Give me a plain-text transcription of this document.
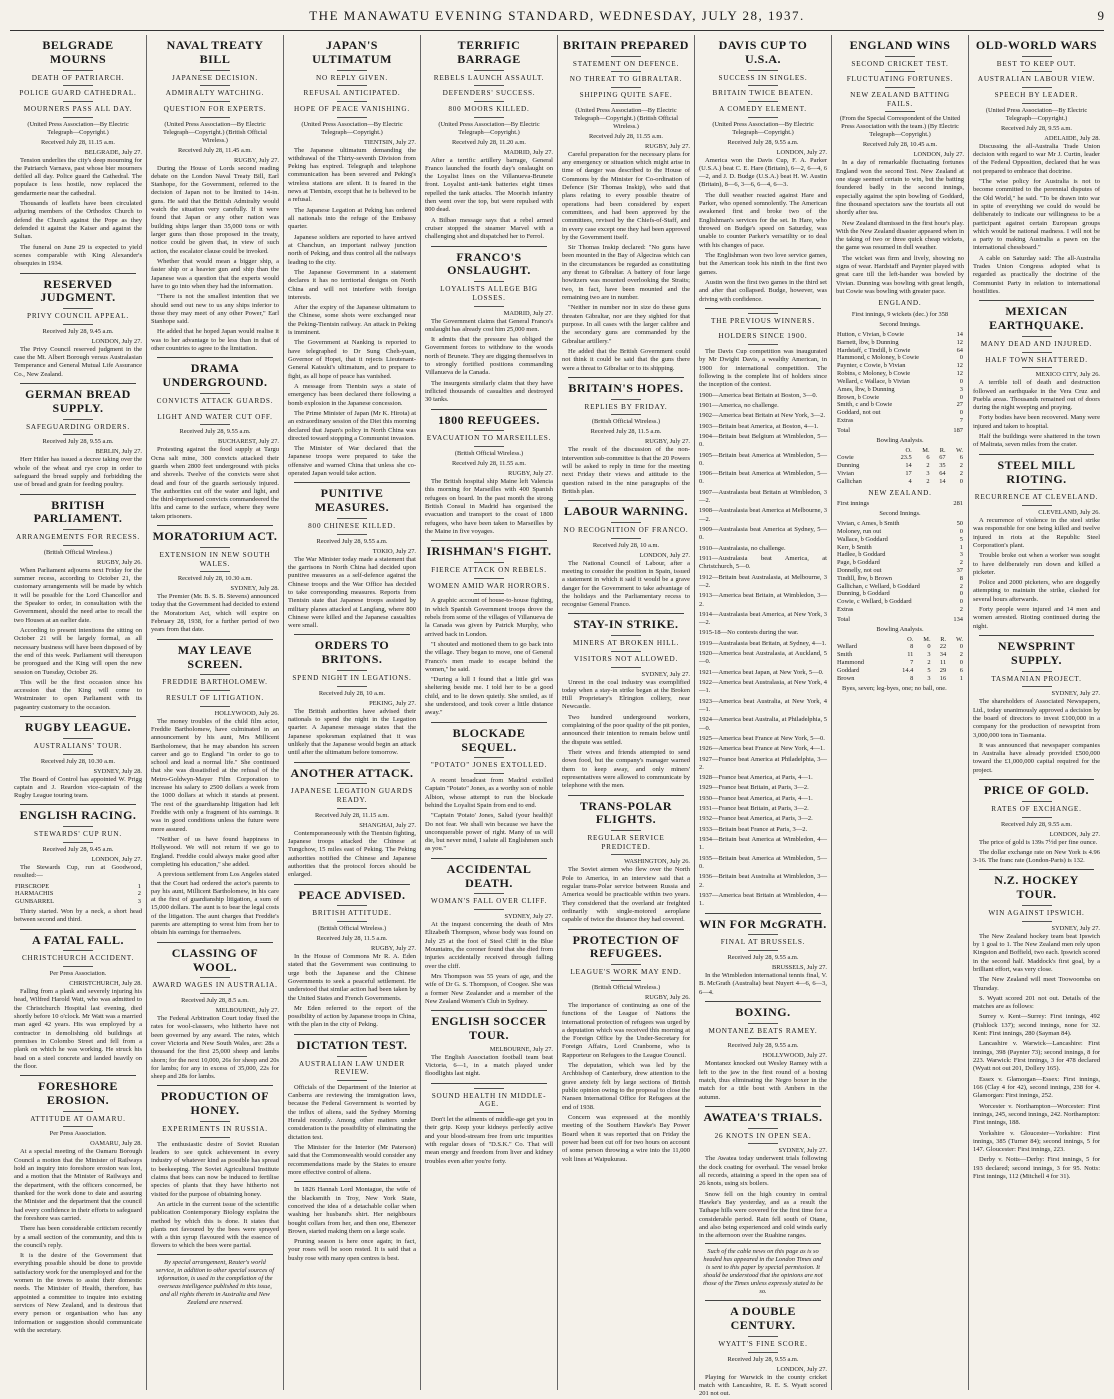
THE MANAWATU EVENING STANDARD, WEDNESDAY, JULY 28, 1937.	9
BELGRADE MOURNS
DEATH OF PATRIARCH.
POLICE GUARD CATHEDRAL.
MOURNERS PASS ALL DAY.
(United Press Association—By Electric Telegraph—Copyright.)
Received July 28, 11.15 a.m.
BELGRADE, July 27.

Tension underlies the city's deep mourning for the Patriarch Varnava, past whose bier mourners defiled all day. Police guard the Cathedral. The populace is less hostile, now replaced the gendarmerie near the cathedral.

Thousands of leaflets have been circulated adjuring members of the Orthodox Church to defend the Church against the Pope as they defended it against the Kaiser and against the Sultan.

The funeral on June 29 is expected to yield scenes comparable with King Alexander's obsequies in 1934.

RESERVED JUDGMENT.
PRIVY COUNCIL APPEAL.
Received July 28, 9.45 a.m.
LONDON, July 27.

The Privy Council reserved judgment in the case the Mt. Albert Borough versus Australasian Temperance and General Mutual Life Assurance Co., New Zealand.

GERMAN BREAD SUPPLY.
SAFEGUARDING ORDERS.
Received July 28, 9.55 a.m.
BERLIN, July 27.

Herr Hitler has issued a decree taking over the whole of the wheat and rye crop in order to safeguard the bread supply and forbidding the use of bread and grain for feeding poultry.

BRITISH PARLIAMENT.
ARRANGEMENTS FOR RECESS.
(British Official Wireless.)
RUGBY, July 26.

When Parliament adjourns next Friday for the summer recess, according to October 21, the customary arrangements will be made by which it will be possible for the Lord Chancellor and the Speaker to order, in consultation with the Government, should the need arise to recall the two Houses at an earlier date.

According to present intentions the sitting on October 21 will be largely formal, as all necessary business will have been disposed of by the end of this week. Parliament will thereupon be prorogued and the King will open the new session on Tuesday, October 26.

This will be the first occasion since his accession that the King will come to Westminster to open Parliament with its pageantry customary to the occasion.

RUGBY LEAGUE.
AUSTRALIANS' TOUR.
Received July 28, 10.30 a.m.
SYDNEY, July 28.

The Board of Control has appointed W. Prigg captain and J. Reardon vice-captain of the Rugby League touring team.

ENGLISH RACING.
STEWARDS' CUP RUN.
Received July 28, 9.45 a.m.
LONDON, July 27.

The Stewards Cup, run at Goodwood, resulted:—

FIRSCROPE	1
HARMACHIS	2
GUNBARREL	3

Thirty started. Won by a neck, a short head between second and third.

A FATAL FALL.
CHRISTCHURCH ACCIDENT.
Per Press Association.
CHRISTCHURCH, July 28.

Falling from a plank and severely injuring his head, Wilfred Harold Watt, who was admitted to the Christchurch Hospital last evening, died shortly before 10 o'clock. Mr Watt was a married man aged 42 years. His was employed by a contractor in demolishing old buildings at premises in Colombo Street and fell from a plank on which he was working. He struck his head on a steel concrete and landed heavily on the floor.

FORESHORE EROSION.
ATTITUDE AT OAMARU.
Per Press Association.
OAMARU, July 28.

At a special meeting of the Oamaru Borough Council a motion that the Minister of Railways hold an inquiry into foreshore erosion was lost, and a motion that the Minister of Railways and the department, with the officers concerned, be thanked for the work done to date and assuring the Minister and the department that the council had every confidence in their efforts to safeguard the foreshore was carried.

There has been considerable criticism recently by a small section of the community, and this is the council's reply.

It is the desire of the Government that everything possible should be done to provide satisfactory work for the unemployed and for the women in the towns to assist their domestic needs. The Minister of Health, therefore, has appointed a committee to inquire into existing services of New Zealand, and is desirous that every person or organisation who has any information or suggestion should communicate with the secretary.

NAVAL TREATY BILL
JAPANESE DECISION.
ADMIRALTY WATCHING.
QUESTION FOR EXPERTS.
(United Press Association—By Electric Telegraph—Copyright.) (British Official Wireless.)
Received July 28, 11.45 a.m.
RUGBY, July 27.

During the House of Lords second reading debate on the London Naval Treaty Bill, Earl Stanhope, for the Government, referred to the decision of Japan not to be limited to 14-in. guns. He said that the British Admiralty would watch the situation very carefully. If it were found that Japan or any other nation was building ships larger than 35,000 tons or with larger guns than those proposed in the treaty, notice could be given that, in view of such action, the escalator clause could be invoked.

Whether that would mean a bigger ship, a faster ship or a heavier gun and ship than the Japanese was a question that the experts would have to go into when they had the information.

"There is not the smallest intention that we should send out new to us any ships inferior to those they may meet of any other Power," Earl Stanhope said.

He added that he hoped Japan would realise it was to her advantage to be less than in that of other countries to agree to the limitation.

DRAMA UNDERGROUND.
CONVICTS ATTACK GUARDS.
LIGHT AND WATER CUT OFF.
Received July 28, 9.55 a.m.
BUCHAREST, July 27.

Protesting against the food supply at Targu Ocna salt mine, 300 convicts attacked their guards when 2800 feet underground with picks and shovels. Twelve of the convicts were shot dead and four of the guards seriously injured. The authorities cut off the water and light, and the third-imprisoned convicts commandeered the lifts and came to the surface, where they were taken prisoners.

MORATORIUM ACT.
EXTENSION IN NEW SOUTH WALES.
Received July 28, 10.30 a.m.
SYDNEY, July 28.

The Premier (Mr. B. S. B. Stevens) announced today that the Government had decided to extend the Moratorium Act, which will expire on February 28, 1938, for a further period of two years from that date.

MAY LEAVE SCREEN.
FREDDIE BARTHOLOMEW.
RESULT OF LITIGATION.
HOLLYWOOD, July 26.

The money troubles of the child film actor, Freddie Bartholomew, have culminated in an announcement by his aunt, Mrs Millicent Bartholomew, that he may abandon his screen career and go to England "in order to go to school and lead a normal life." She continued that she was dissatisfied at the refusal of the Metro-Goldwyn-Mayer Film Corporation to increase his salary to 2500 dollars a week from the 1000 dollars at which it stands at present. The rest of the guardianship litigation had left Freddie with only a fragment of his earnings. It was in good conditions unless the future were more assured.

"Neither of us have found happiness in Hollywood. We will not return if we go to England. Freddie could always make good after completing his education," she added.

A previous settlement from Los Angeles stated that the Court had ordered the actor's parents to pay his aunt, Millicent Bartholomew, in his care at the first of guardianship litigation, a sum of 15,000 dollars. The aunt is to bear the legal costs of the litigation. The aunt charges that Freddie's parents are attempting to wrest him from her to obtain his earnings for themselves.

CLASSING OF WOOL.
AWARD WAGES IN AUSTRALIA.
Received July 28, 8.5 a.m.
MELBOURNE, July 27.

The Federal Arbitration Court today fixed the rates for wool-classers, who hitherto have not been governed by any award. The rates, which cover Victoria and New South Wales, are: 28s a thousand for the first 25,000 sheep and lambs shorn; for the next 10,000, 26s for sheep and 20s for lambs; for any in excess of 35,000, 22s for sheep and 28s for lambs.

PRODUCTION OF HONEY.
EXPERIMENTS IN RUSSIA.

The enthusiastic desire of Soviet Russian leaders to see quick achievement in every industry of whatever kind as possible has spread to beekeeping. The Soviet Agricultural Institute claims that bees can now be induced to fertilise species of plants that they have hitherto not visited for the purpose of obtaining honey.

An article in the current issue of the scientific publication Contemporary Biology explains the method by which this is done. It states that plants not favoured by the bees were sprayed with a thin syrup flavoured with the essence of flowers to which the bees were partial.

By special arrangement, Reuter's world service, in addition to other special sources of information, is used in the compilation of the overseas intelligence published in this issue, and all rights therein in Australia and New Zealand are reserved.
JAPAN'S ULTIMATUM
NO REPLY GIVEN.
REFUSAL ANTICIPATED.
HOPE OF PEACE VANISHING.
(United Press Association—By Electric Telegraph—Copyright.)
TIENTSIN, July 27.

The Japanese ultimatum demanding the withdrawal of the Thirty-seventh Division from Peking has expired. Telegraph and telephone communication has been severed and Peking's wireless stations are silent. It is feared in the news at Tientsin, except that he is believed to be a refusal.

The Japanese Legation at Peking has ordered all nationals into the refuge of the Embassy quarter.

Japanese soldiers are reported to have arrived at Chanchun, an important railway junction north of Peking, and thus control all the railways leading to the city.

The Japanese Government in a statement declares it has no territorial designs on North China and will not interfere with foreign interests.

After the expiry of the Japanese ultimatum to the Chinese, some shots were exchanged near the Peking-Tientsin railway. An attack in Peking is imminent.

The Government at Nanking is reported to have telegraphed to Dr Sung Cheh-yuan, Governor of Hopei, that it rejects Lieutenant-General Katsuki's ultimatum, and to prepare to fight, as all hope of peace has vanished.

A message from Tientsin says a state of emergency has been declared there following a bomb explosion in the Japanese concession.

The Prime Minister of Japan (Mr K. Hirota) at an extraordinary session of the Diet this morning declared that Japan's policy in North China was directed toward stopping a Communist invasion.

The Minister of War declared that the Japanese troops were prepared to take the offensive and warned China that unless she co-operated Japan would take action.

PUNITIVE MEASURES.
800 CHINESE KILLED.
Received July 28, 9.55 a.m.
TOKIO, July 27.

The War Minister today made a statement that the garrisons in North China had decided upon punitive measures as a self-defence against the Chinese troops and the War Office has decided to take corresponding measures. Reports from Tientsin state that Japanese troops assisted by military planes attacked at Langfang, where 800 Chinese were killed and the Japanese casualties were small.

ORDERS TO BRITONS.
SPEND NIGHT IN LEGATIONS.
Received July 28, 10 a.m.
PEKING, July 27.

The British authorities have advised their nationals to spend the night in the Legation quarter. A Japanese message states that the Japanese spokesman explained that it was unlikely that the Japanese would begin an attack until after the ultimatum before tomorrow.

ANOTHER ATTACK.
JAPANESE LEGATION GUARDS READY.
Received July 28, 11.15 a.m.
SHANGHAI, July 27.

Contemporaneously with the Tientsin fighting, Japanese troops attacked the Chinese at Tungchow, 15 miles east of Peking. The Peking authorities notified the Chinese and Japanese authorities that the protocol forces should be enlarged.

PEACE ADVISED.
BRITISH ATTITUDE.
(British Official Wireless.)
Received July 28, 11.5 a.m.
RUGBY, July 27.

In the House of Commons Mr R. A. Eden stated that the Government was continuing to urge both the Japanese and the Chinese Governments to seek a peaceful settlement. He understood that similar action had been taken by the United States and French Governments.

Mr Eden referred to the report of the possibility of action by Japanese troops in China, with the plan in the city of Peking.

DICTATION TEST.
AUSTRALIAN LAW UNDER REVIEW.

Officials of the Department of the Interior at Canberra are reviewing the immigration laws, because the Federal Government is worried by the influx of aliens, said the Sydney Morning Herald recently. Among other matters under consideration is the possibility of eliminating the dictation test.

The Minister for the Interior (Mr Paterson) said that the Commonwealth would consider any recommendations made by the States to ensure more effective control of aliens.

In 1826 Hannah Lord Montague, the wife of the blacksmith in Troy, New York State, conceived the idea of a detachable collar when washing her husband's shirt. Her neighbours bought collars from her, and then one, Ebenezer Brown, started making them on a large scale.

Pruning season is here once again; in fact, your roses will be soon rested. It is said that a bushy rose with many open centres is best.

TERRIFIC BARRAGE
REBELS LAUNCH ASSAULT.
DEFENDERS' SUCCESS.
800 MOORS KILLED.
(United Press Association—By Electric Telegraph—Copyright.)
Received July 28, 11.20 a.m.
MADRID, July 27.

After a terrific artillery barrage, General Franco launched the fourth day's onslaught on the Loyalist lines on the Villanueva-Brunete front. Loyalist anti-tank batteries eight times repelled the tank attacks. The Moorish infantry then went over the top, but were repulsed with 800 dead.

A Bilbao message says that a rebel armed cruiser stopped the steamer Marvel with a challenging shot and dispatched her to Ferrol.

FRANCO'S ONSLAUGHT.
LOYALISTS ALLEGE BIG LOSSES.
MADRID, July 27.

The Government claims that General Franco's onslaught has already cost him 25,000 men.

It admits that the pressure has obliged the Government forces to withdraw to the woods north of Brunete. They are digging themselves in to strongly fortified positions commanding Villanueva de la Canada.

The insurgents similarly claim that they have inflicted thousands of casualties and destroyed 30 tanks.

1800 REFUGEES.
EVACUATION TO MARSEILLES.
(British Official Wireless.)
Received July 28, 11.55 a.m.
RUGBY, July 27.

The British hospital ship Maine left Valencia this morning for Marseilles with 400 Spanish refugees on board. In the past month the strong British Consul in Madrid has organised the evacuation and transport to the coast of 1800 refugees, who have been taken to Marseilles by the Maine in five voyages.

IRISHMAN'S FIGHT.
FIERCE ATTACK ON REBELS.
WOMEN AMID WAR HORRORS.

A graphic account of house-to-house fighting, in which Spanish Government troops drove the rebels from some of the villages of Villanueva de la Canada was given by Patrick Murphy, who arrived back in London.

"I shouted and motioned them to go back into the village. They began to move, one of General Franco's men made to escape behind the women," he said.

"During a lull I found that a little girl was sheltering beside me. I told her to be a good child, and to lie down quietly. She smiled, as if she understood, and took cover a little distance away."

BLOCKADE SEQUEL.
"POTATO" JONES EXTOLLED.

A recent broadcast from Madrid extolled Captain "Potato" Jones, as a worthy son of noble Albion, whose attempt to run the blockade behind the Loyalist Spain from end to end.

"Captain 'Potato' Jones, Salud (your health)! Do not fear. We shall win because we have the unconquerable power of right. Many of us will die, but never mind, I salute all Englishmen such as you."

ACCIDENTAL DEATH.
WOMAN'S FALL OVER CLIFF.
SYDNEY, July 27.

At the inquest concerning the death of Mrs Elizabeth Thompson, whose body was found on July 25 at the foot of Steel Cliff in the Blue Mountains, the coroner found that she died from injuries accidentally received through falling over the cliff.

Mrs Thompson was 55 years of age, and the wife of Dr G. S. Thompson, of Coogee. She was a former New Zealander and a member of the New Zealand Women's Club in Sydney.

ENGLISH SOCCER TOUR.
MELBOURNE, July 27.

The English Association football team beat Victoria, 6—1, in a match played under floodlights last night.

SOUND HEALTH IN MIDDLE-AGE.

Don't let the ailments of middle-age get you in their grip. Keep your kidneys perfectly active and your blood-stream free from uric impurities with regular doses of "D.S.K." Co. That will mean energy and freedom from liver and kidney troubles even after you're forty.

BRITAIN PREPARED
STATEMENT ON DEFENCE.
NO THREAT TO GIBRALTAR.
SHIPPING QUITE SAFE.
(United Press Association—By Electric Telegraph—Copyright.) (British Official Wireless.)
Received July 28, 11.55 a.m.
RUGBY, July 27.

Careful preparation for the necessary plans for any emergency or situation which might arise in time of danger was described to the House of Commons by the Minister for Co-ordination of Defence (Sir Thomas Inskip), who said that plans relating to every possible theatre of operations had been considered by expert committees, and had been approved by the committees, revised by the Chiefs-of-Staff, and in every case except one they had been approved by the Government itself.

Sir Thomas Inskip declared: "No guns have been mounted in the Bay of Algeciras which can in the circumstances be regarded as constituting any threat to Gibraltar. A battery of four large howitzers was mounted overlooking the Straits; two, in fact, have been mounted and the remaining two are in number.

"Neither in number nor in size do these guns threaten Gibraltar, nor are they sighted for that purpose. In all cases with the larger calibre and the secondary guns are commanded by the Gibraltar artillery."

He added that the British Government could not think it could be said that the guns there were a threat to Gibraltar or to its shipping.

BRITAIN'S HOPES.
REPLIES BY FRIDAY.
(British Official Wireless.)
Received July 28, 11.5 a.m.
RUGBY, July 27.

The result of the discussion of the non-intervention sub-committee is that the 20 Powers will be asked to reply in time for the meeting next Friday their views and attitude to the question raised in the nine paragraphs of the British plan.

LABOUR WARNING.
NO RECOGNITION OF FRANCO.
Received July 28, 10 a.m.
LONDON, July 27.

The National Council of Labour, after a meeting to consider the position in Spain, issued a statement in which it said it would be a grave danger for the Government to take advantage of the holidays and the Parliamentary recess to recognise General Franco.

STAY-IN STRIKE.
MINERS AT BROKEN HILL.
VISITORS NOT ALLOWED.
SYDNEY, July 27.

Unrest in the coal industry was exemplified today when a stay-in strike began at the Broken Hill Proprietary's Elrington colliery, near Newcastle.

Two hundred underground workers, complaining of the poor quality of the pit ponies, announced their intention to remain below until the dispute was settled.

Their wives and friends attempted to send down food, but the company's manager warned them to keep away, and only miners' representatives were allowed to communicate by telephone with the men.

TRANS-POLAR FLIGHTS.
REGULAR SERVICE PREDICTED.
WASHINGTON, July 26.

The Soviet airmen who flew over the North Pole to America, in an interview said that a regular trans-Polar service between Russia and America would be practicable within two years. They considered that the overland air freighted ordinarily with single-motored aeroplane capable of twice the distance they had covered.

PROTECTION OF REFUGEES.
LEAGUE'S WORK MAY END.
(British Official Wireless.)
RUGBY, July 26.

The importance of continuing as one of the functions of the League of Nations the international protection of refugees was urged by a deputation which was received this morning at the Foreign Office by the Under-Secretary for Foreign Affairs, Lord Cranborne, who is Rapporteur on Refugees to the League Council.

The deputation, which was led by the Archbishop of Canterbury, drew attention to the grave anxiety felt by large sections of British public opinion owing to the proposal to close the Nansen International Office for Refugees at the end of 1938.

Concern was expressed at the monthly meeting of the Southern Hawke's Bay Power Board when it was reported that on Friday the power had been cut off for two hours on account of some person throwing a wire into the 11,000 volt lines at Waipukurau.

DAVIS CUP TO U.S.A.
SUCCESS IN SINGLES.
BRITAIN TWICE BEATEN.
A COMEDY ELEMENT.
(United Press Association—By Electric Telegraph—Copyright.)
Received July 28, 9.55 a.m.
LONDON, July 27.

America won the Davis Cup, F. A. Parker (U.S.A.) beat C. E. Hare (Britain), 6—2, 6—4, 6—2, and J. D. Budge (U.S.A.) beat H. W. Austin (Britain), 8—6, 3—6, 6—4, 6—3.

The dull weather reacted against Hare and Parker, who opened somnolently. The American awakened first and broke two of the Englishman's services for the set. In Hare, who throwed on Budge's speed on Saturday, was unable to counter Parker's versatility or to deal with his changes of pace.

The Englishman won two love service games, but the American took his ninth in the first two games.

Austin won the first two games in the third set and after that collapsed. Budge, however, was driving with confidence.

THE PREVIOUS WINNERS.
HOLDERS SINCE 1900.

The Davis Cup competition was inaugurated by Mr Dwight Davis, a wealthy American, in 1900 for international competition. The following is the complete list of holders since the inception of the contest.

1900—America beat Britain at Boston, 3—0.

1901—America, no challenge.

1902—America beat Britain at New York, 3—2.

1903—Britain beat America, at Boston, 4—1.

1904—Britain beat Belgium at Wimbledon, 5—0.

1905—Britain beat America at Wimbledon, 5—0.

1906—Britain beat America at Wimbledon, 5—0.

1907—Australasia beat Britain at Wimbledon, 3—2.

1908—Australasia beat America at Melbourne, 3—2.

1909—Australasia beat America at Sydney, 5—0.

1910—Australasia, no challenge.

1911—Australasia beat America, at Christchurch, 5—0.

1912—Britain beat Australasia, at Melbourne, 3—2.

1913—America beat Britain, at Wimbledon, 3—2.

1914—Australasia beat America, at New York, 3—2.

1915-18—No contests during the war.

1919—Australasia beat Britain, at Sydney, 4—1.

1920—America beat Australasia, at Auckland, 5—0.

1921—America beat Japan, at New York, 5—0.

1922—America beat Australasia, at New York, 4—1.

1923—America beat Australia, at New York, 4—1.

1924—America beat Australia, at Philadelphia, 5—0.

1925—America beat France at New York, 5—0.

1926—America beat France at New York, 4—1.

1927—France beat America at Philadelphia, 3—2.

1928—France beat America, at Paris, 4—1.

1929—France beat Britain, at Paris, 3—2.

1930—France beat America, at Paris, 4—1.

1931—France beat Britain, at Paris, 3—2.

1932—France beat America, at Paris, 3—2.

1933—Britain beat France at Paris, 3—2.

1934—Britain beat America at Wimbledon, 4—1.

1935—Britain beat America at Wimbledon, 5—0.

1936—Britain beat Australia at Wimbledon, 3—2.

1937—America beat Britain at Wimbledon, 4—1.

WIN FOR McGRATH.
FINAL AT BRUSSELS.
Received July 28, 9.55 a.m.
BRUSSELS, July 27.

In the Wimbledon international tennis final, V. B. McGrath (Australia) beat Nuyert 4—6, 6—3, 6—4.

BOXING.
MONTANEZ BEATS RAMEY.
Received July 28, 9.55 a.m.
HOLLYWOOD, July 27.

Montanez knocked out Wesley Ramey with a left to the jaw in the first round of a boxing match, thus eliminating the Negro boxer in the match for a title bout with Ambers in the autumn.

AWATEA'S TRIALS.
26 KNOTS IN OPEN SEA.
SYDNEY, July 27.

The Awatea today underwent trials following the dock coating for overhaul. The vessel broke all records, attaining a speed in the open sea of 26 knots, using six boilers.

Snow fell on the high country in central Hawke's Bay yesterday, and as a result the Taihape hills were covered for the first time for a considerable period. Rain fell south of Otane, and also being experienced and cold winds early in the afternoon over the Ruahine ranges.

Such of the cable news on this page as is so headed has appeared in the London Times and is sent to this paper by special permission. It should be understood that the opinions are not those of the Times unless expressly stated to be so.
A DOUBLE CENTURY.
WYATT'S FINE SCORE.
Received July 28, 9.55 a.m.
LONDON, July 27.

Playing for Warwick in the county cricket match with Lancashire, R. E. S. Wyatt scored 201 not out.

ENGLAND WINS
SECOND CRICKET TEST.
FLUCTUATING FORTUNES.
NEW ZEALAND BATTING FAILS.
(From the Special Correspondent of the United Press Association with the team.) (By Electric Telegraph—Copyright.)
Received July 28, 10.45 a.m.
LONDON, July 27.

In a day of remarkable fluctuating fortunes England won the second Test. New Zealand at one stage seemed certain to win, but the batting foundered badly in the second innings, especially against the spin bowling of Goddard, fine thousand spectators saw the tourists all out shortly after tea.

New Zealand dismissed in the first hour's play. With the New Zealand disaster appeared when in the taking of two or three quick cheap wickets, the game was resumed in dull weather.

The wicket was firm and lively, showing no signs of wear. Hardstaff and Paynter played with great care till the left-hander was bowled by Vivian. Dunning was bowling with great length, but Cowie was bowling with greater pace.

ENGLAND.
First innings, 9 wickets (dec.) for 358
Second Innings.
Hutton, c Vivian, b Cowie	14
Barnett, lbw, b Dunning	12
Hardstaff, c Tindill, b Cowie	64
Hammond, c Moloney, b Cowie	0
Paynter, c Cowie, b Vivian	12
Robins, c Moloney, b Cowie	12
Wellard, c Wallace, b Vivian	0
Ames, lbw, b Dunning	3
Brown, b Cowie	0
Smith, c and b Cowie	27
Goddard, not out	0
Extras	7
Total	187
Bowling Analysis.
	O.	M.	R.	W.
Cowie	23.5	6	67	6
Dunning	14	2	35	2
Vivian	17	3	64	2
Gallichan	4	2	14	0
NEW ZEALAND.
First innings	281
Second Innings.
Vivian, c Ames, b Smith	50
Moloney, run out	0
Wallace, b Goddard	5
Kerr, b Smith	1
Hadlee, b Goddard	3
Page, b Goddard	2
Donnelly, not out	37
Tindill, lbw, b Brown	8
Gallichan, c Wellard, b Goddard	2
Dunning, b Goddard	0
Cowie, c Wellard, b Goddard	0
Extras	2
Total	134
Bowling Analysis.
	O.	M.	R.	W.
Wellard	8	0	22	0
Smith	11	3	34	2
Hammond	7	2	11	0
Goddard	14.4	5	29	6
Brown	8	3	16	1

Byes, seven; leg-byes, one; no ball, one.

OLD-WORLD WARS
BEST TO KEEP OUT.
AUSTRALIAN LABOUR VIEW.
SPEECH BY LEADER.
(United Press Association—By Electric Telegraph—Copyright.)
Received July 28, 9.55 a.m.
ADELAIDE, July 28.

Discussing the all-Australia Trade Union decision with regard to war Mr J. Curtin, leader of the Federal Opposition, declared that he was not prepared to embrace that doctrine.

"The wise policy for Australia is not to become committed to the perennial disputes of the Old World," he said. "To be drawn into war in spite of everything we could do would be deliberately to indicate our willingness to be a participant against certain European groups which would be national madness. I will not be a party to making Australia a pawn on the international chessboard."

A cable on Saturday said: The all-Australia Trades Union Congress adopted what is regarded as practically the doctrine of the Communist Party in relation to international hostilities.

MEXICAN EARTHQUAKE.
MANY DEAD AND INJURED.
HALF TOWN SHATTERED.
MEXICO CITY, July 26.

A terrible toll of death and destruction followed an earthquake in the Vera Cruz and Puebla areas. Thousands remained out of doors during the night weeping and praying.

Forty bodies have been recovered. Many were injured and taken to hospital.

Half the buildings were shattered in the town of Maltrata, seven miles from the crater.

STEEL MILL RIOTING.
RECURRENCE AT CLEVELAND.
CLEVELAND, July 26.

A recurrence of violence in the steel strike was responsible for one being killed and twelve injured in riots at the Republic Steel Corporation's plant.

Trouble broke out when a worker was sought to have deliberately run down and killed a picketer.

Police and 2000 picketers, who are doggedly attempting to maintain the strike, clashed for several hours afterwards.

Forty people were injured and 14 men and women arrested. Rioting continued during the night.

NEWSPRINT SUPPLY.
TASMANIAN PROJECT.
SYDNEY, July 27.

The shareholders of Associated Newspapers, Ltd., today unanimously approved a decision by the board of directors to invest £100,000 in a company for the production of newsprint from 3,000,000 tons in Tasmania.

It was announced that newspaper companies in Australia have already provided £500,000 toward the £1,000,000 capital required for the project.

PRICE OF GOLD.
RATES OF EXCHANGE.
Received July 28, 9.55 a.m.
LONDON, July 27.

The price of gold is 139s 7½d per fine ounce.

The dollar exchange rate on New York is 4.96 3-16. The franc rate (London-Paris) is 132.

N.Z. HOCKEY TOUR.
WIN AGAINST IPSWICH.
SYDNEY, July 27.

The New Zealand hockey team beat Ipswich by 1 goal to 1. The New Zealand men rely upon Kingston and Boffield, two each. Ipswich scored in the second half. Maddock's first goal, by a brilliant effort, was very close.

The New Zealand will meet Toowoomba on Thursday.

S. Wyatt scored 201 not out. Details of the matches are as follows:

Surrey v. Kent—Surrey: First innings, 492 (Fishlock 137); second innings, none for 32. Kent: First innings, 280 (Sayman 84).

Lancashire v. Warwick—Lancashire: First innings, 398 (Paynter 73); second innings, 8 for 223. Warwick: First innings, 3 for 478 declared (Wyatt not out 201, Dollery 165).

Essex v. Glamorgan—Essex: First innings, 166 (Clay 4 for 42), second innings, 238 for 4. Glamorgan: First innings, 252.

Worcester v. Northampton—Worcester: First innings, 245, second innings, 242. Northampton: First innings, 188.

Yorkshire v. Gloucester—Yorkshire: First innings, 385 (Turner 84); second innings, 5 for 147. Gloucester: First innings, 223.

Derby v. Notts—Derby: First innings, 5 for 193 declared; second innings, 3 for 95. Notts: First innings, 112 (Mitchell 4 for 31).
